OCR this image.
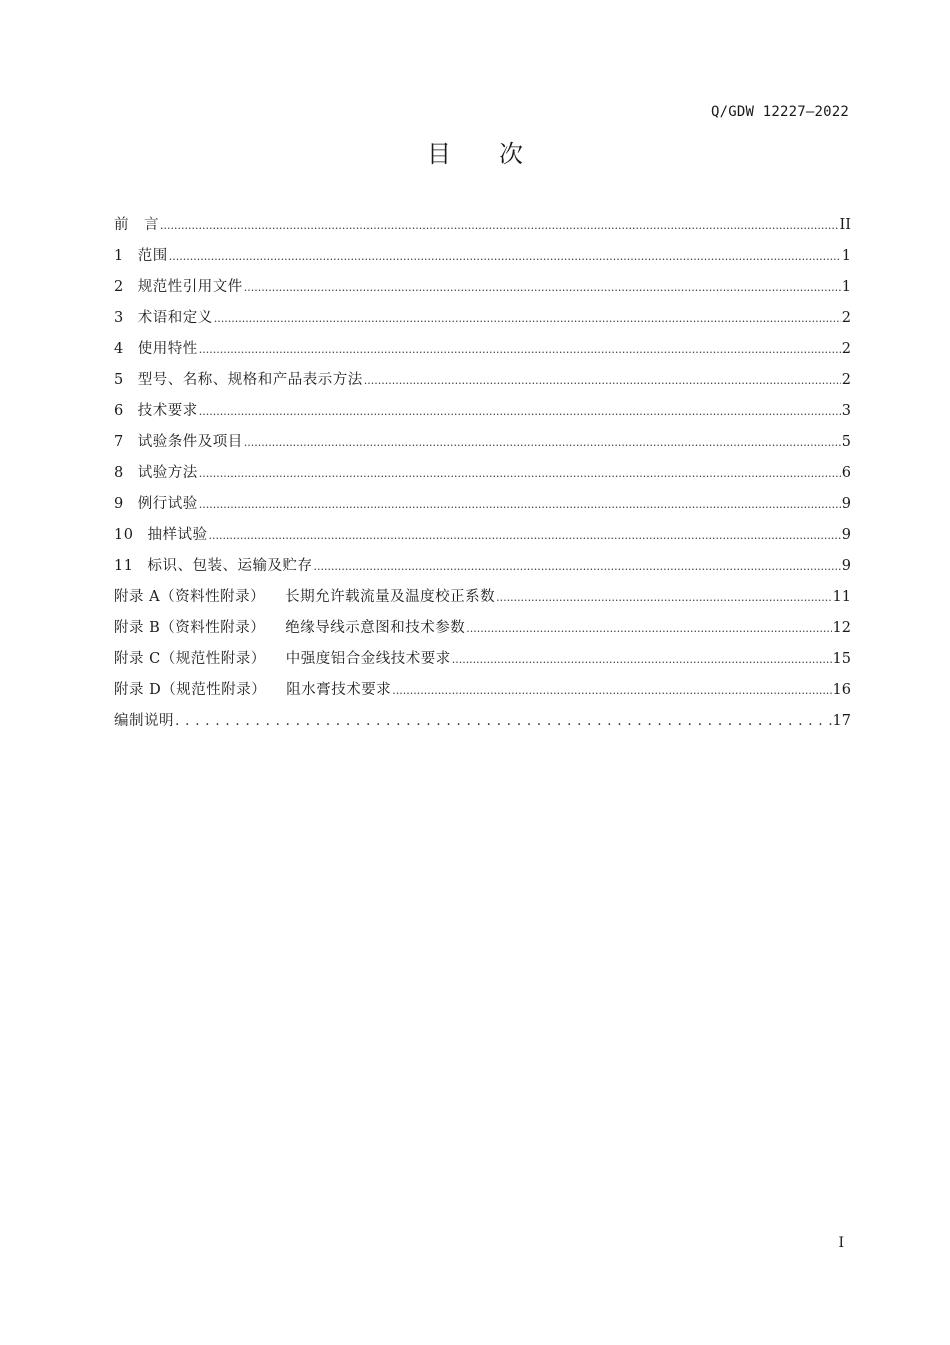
Q/GDW 12227—2022
目次
前　言 .....	II
1 范围 .....	1
2 规范性引用文件 .....	1
3 术语和定义 .....	2
4 使用特性 .....	2
5 型号、名称、规格和产品表示方法 .....	2
6 技术要求 .....	3
7 试验条件及项目 .....	5
8 试验方法 .....	6
9 例行试验 .....	9
10 抽样试验 .....	9
11 标识、包装、运输及贮存 .....	9
附录 A（资料性附录） 长期允许载流量及温度校正系数 .....	11
附录 B（资料性附录） 绝缘导线示意图和技术参数 .....	12
附录 C（规范性附录） 中强度铝合金线技术要求 .....	15
附录 D（规范性附录） 阻水膏技术要求 .....	16
编制说明 .....	17
I
